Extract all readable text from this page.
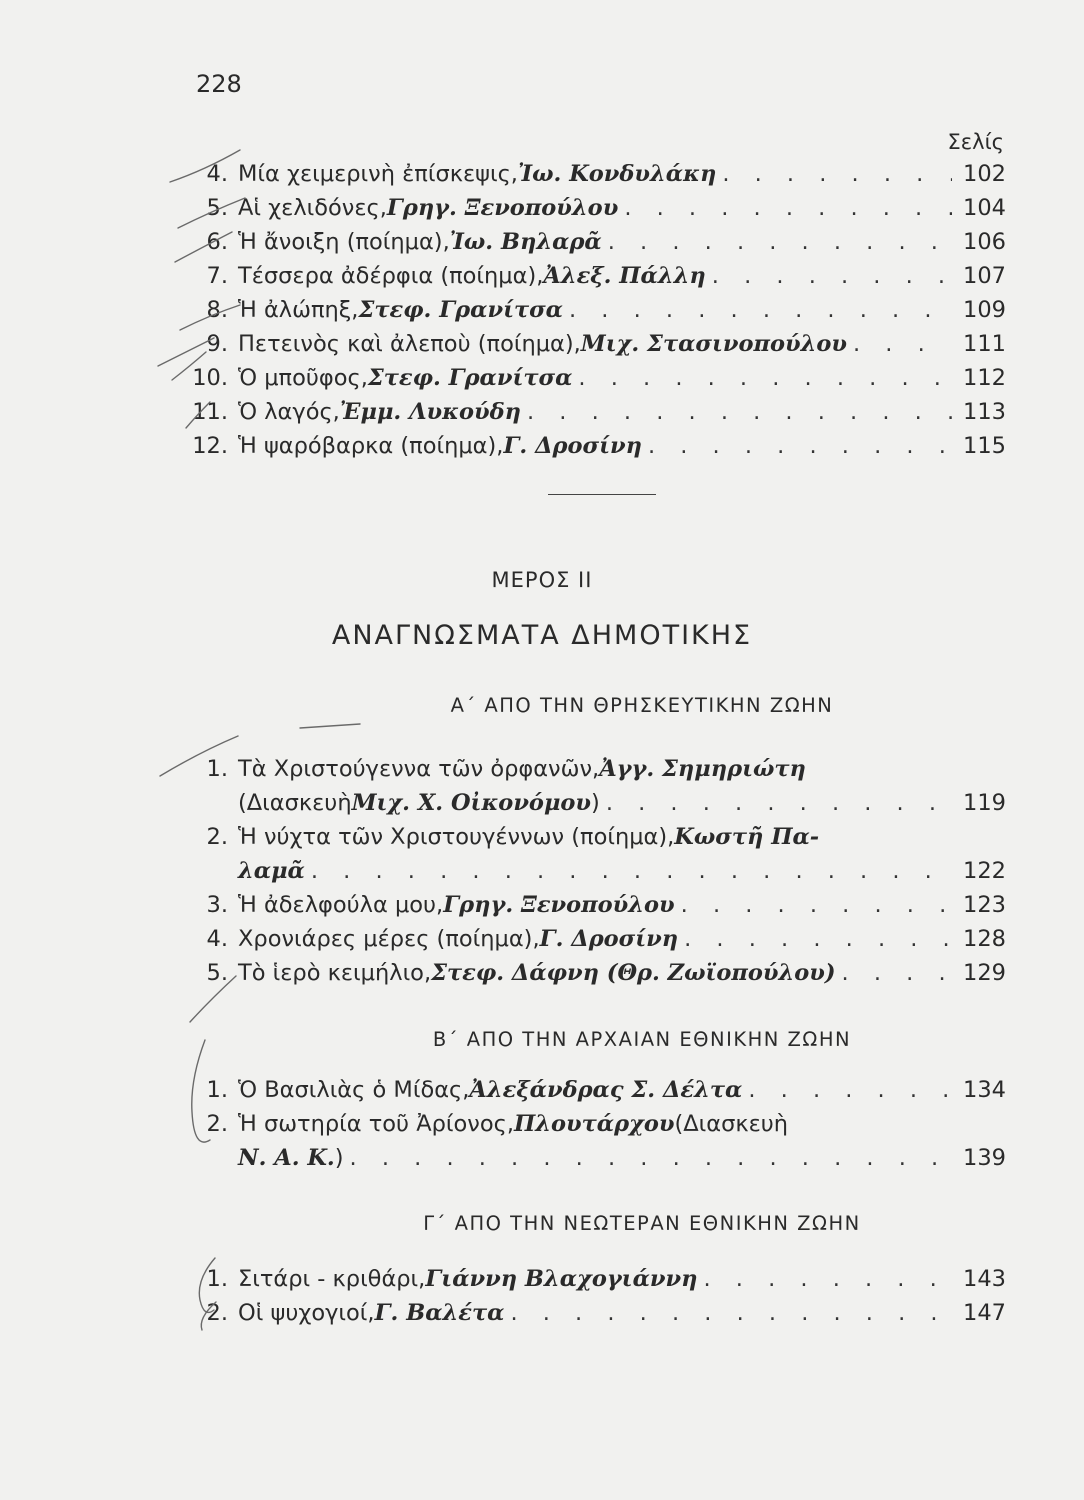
228
Σελίς
4. Μία χειμερινὴ ἐπίσκεψις, Ἰω. Κονδυλάκη . . .	102
5. Αἱ χελιδόνες, Γρηγ. Ξενοπούλου . . .	104
6. Ἡ ἄνοιξη (ποίημα), Ἰω. Βηλαρᾶ . . .	106
7. Τέσσερα ἀδέρφια (ποίημα), Ἀλεξ. Πάλλη . . .	107
8. Ἡ ἀλώπηξ, Στεφ. Γρανίτσα . . .	109
9. Πετεινὸς καὶ ἀλεποὺ (ποίημα), Μιχ. Στασινοπούλου . . .	111
10. Ὁ μποῦφος, Στεφ. Γρανίτσα . . .	112
11. Ὁ λαγός, Ἐμμ. Λυκούδη . . .	113
12. Ἡ ψαρόβαρκα (ποίημα), Γ. Δροσίνη . . .	115
ΜΕΡΟΣ ΙΙ
ΑΝΑΓΝΩΣΜΑΤΑ ΔΗΜΟΤΙΚΗΣ
Α΄ ΑΠΟ ΤΗΝ ΘΡΗΣΚΕΥΤΙΚΗΝ ΖΩΗΝ
1. Τὰ Χριστούγεννα τῶν ὀρφανῶν, Ἀγγ. Σημηριώτη
(Διασκευὴ Μιχ. Χ. Οἰκονόμου ) . . .	119
2. Ἡ νύχτα τῶν Χριστουγέννων (ποίημα), Κωστῆ Πα-
λαμᾶ . . .	122
3. Ἡ ἀδελφούλα μου, Γρηγ. Ξενοπούλου . . .	123
4. Χρονιάρες μέρες (ποίημα), Γ. Δροσίνη . . .	128
5. Τὸ ἱερὸ κειμήλιο, Στεφ. Δάφνη (Θρ. Ζωϊοπούλου) . . .	129
Β΄ ΑΠΟ ΤΗΝ ΑΡΧΑΙΑΝ ΕΘΝΙΚΗΝ ΖΩΗΝ
1. Ὁ Βασιλιὰς ὁ Μίδας, Ἀλεξάνδρας Σ. Δέλτα . . .	134
2. Ἡ σωτηρία τοῦ Ἀρίονος, Πλουτάρχου (Διασκευὴ
Ν. Α. Κ. ) . . .	139
Γ΄ ΑΠΟ ΤΗΝ ΝΕΩΤΕΡΑΝ ΕΘΝΙΚΗΝ ΖΩΗΝ
1. Σιτάρι - κριθάρι, Γιάννη Βλαχογιάννη . . .	143
2. Οἱ ψυχογιοί, Γ. Βαλέτα . . .	147
